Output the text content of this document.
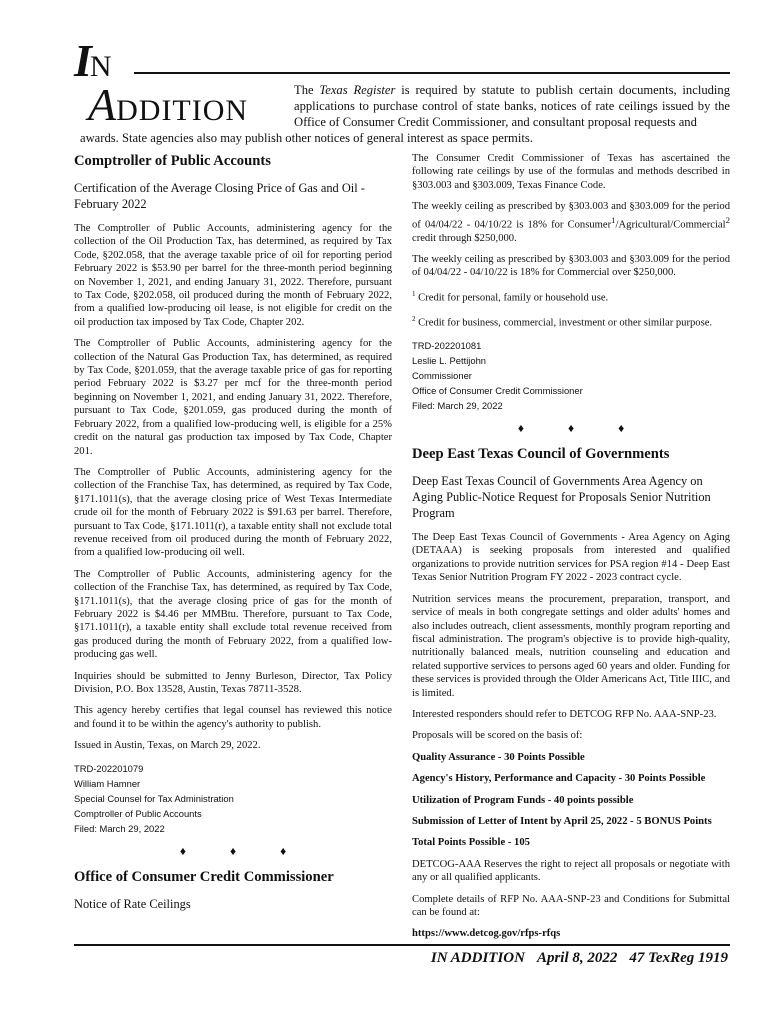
IN
ADDITION
The Texas Register is required by statute to publish certain documents, including applications to purchase control of state banks, notices of rate ceilings issued by the Office of Consumer Credit Commissioner, and consultant proposal requests and
awards. State agencies also may publish other notices of general interest as space permits.
Comptroller of Public Accounts
Certification of the Average Closing Price of Gas and Oil - February 2022

The Comptroller of Public Accounts, administering agency for the collection of the Oil Production Tax, has determined, as required by Tax Code, §202.058, that the average taxable price of oil for reporting period February 2022 is $53.90 per barrel for the three-month period beginning on November 1, 2021, and ending January 31, 2022. Therefore, pursuant to Tax Code, §202.058, oil produced during the month of February 2022, from a qualified low-producing oil lease, is not eligible for credit on the oil production tax imposed by Tax Code, Chapter 202.

The Comptroller of Public Accounts, administering agency for the collection of the Natural Gas Production Tax, has determined, as required by Tax Code, §201.059, that the average taxable price of gas for reporting period February 2022 is $3.27 per mcf for the three-month period beginning on November 1, 2021, and ending January 31, 2022. Therefore, pursuant to Tax Code, §201.059, gas produced during the month of February 2022, from a qualified low-producing well, is eligible for a 25% credit on the natural gas production tax imposed by Tax Code, Chapter 201.

The Comptroller of Public Accounts, administering agency for the collection of the Franchise Tax, has determined, as required by Tax Code, §171.1011(s), that the average closing price of West Texas Intermediate crude oil for the month of February 2022 is $91.63 per barrel. Therefore, pursuant to Tax Code, §171.1011(r), a taxable entity shall not exclude total revenue received from oil produced during the month of February 2022, from a qualified low-producing oil well.

The Comptroller of Public Accounts, administering agency for the collection of the Franchise Tax, has determined, as required by Tax Code, §171.1011(s), that the average closing price of gas for the month of February 2022 is $4.46 per MMBtu. Therefore, pursuant to Tax Code, §171.1011(r), a taxable entity shall exclude total revenue received from gas produced during the month of February 2022, from a qualified low-producing gas well.

Inquiries should be submitted to Jenny Burleson, Director, Tax Policy Division, P.O. Box 13528, Austin, Texas 78711-3528.

This agency hereby certifies that legal counsel has reviewed this notice and found it to be within the agency's authority to publish.

Issued in Austin, Texas, on March 29, 2022.

TRD-202201079
William Hamner
Special Counsel for Tax Administration
Comptroller of Public Accounts
Filed: March 29, 2022
♦	♦	♦
Office of Consumer Credit Commissioner
Notice of Rate Ceilings

The Consumer Credit Commissioner of Texas has ascertained the following rate ceilings by use of the formulas and methods described in §303.003 and §303.009, Texas Finance Code.

The weekly ceiling as prescribed by §303.003 and §303.009 for the period of 04/04/22 - 04/10/22 is 18% for Consumer$^1$/Agricultural/Commercial$^2$ credit through $250,000.

The weekly ceiling as prescribed by §303.003 and §303.009 for the period of 04/04/22 - 04/10/22 is 18% for Commercial over $250,000.

$^1$ Credit for personal, family or household use.

$^2$ Credit for business, commercial, investment or other similar purpose.

TRD-202201081
Leslie L. Pettijohn
Commissioner
Office of Consumer Credit Commissioner
Filed: March 29, 2022
♦	♦	♦
Deep East Texas Council of Governments
Deep East Texas Council of Governments Area Agency on Aging Public-Notice Request for Proposals Senior Nutrition Program

The Deep East Texas Council of Governments - Area Agency on Aging (DETAAA) is seeking proposals from interested and qualified organizations to provide nutrition services for PSA region #14 - Deep East Texas Senior Nutrition Program FY 2022 - 2023 contract cycle.

Nutrition services means the procurement, preparation, transport, and service of meals in both congregate settings and older adults' homes and also includes outreach, client assessments, monthly program reporting and fiscal administration. The program's objective is to provide high-quality, nutritionally balanced meals, nutrition counseling and education and related supportive services to persons aged 60 years and older. Funding for these services is provided through the Older Americans Act, Title IIIC, and is limited.

Interested responders should refer to DETCOG RFP No. AAA-SNP-23.

Proposals will be scored on the basis of:

Quality Assurance - 30 Points Possible

Agency's History, Performance and Capacity - 30 Points Possible

Utilization of Program Funds - 40 points possible

Submission of Letter of Intent by April 25, 2022 - 5 BONUS Points

Total Points Possible - 105

DETCOG-AAA Reserves the right to reject all proposals or negotiate with any or all qualified applicants.

Complete details of RFP No. AAA-SNP-23 and Conditions for Submittal can be found at:

https://www.detcog.gov/rfps-rfqs

IN ADDITION April 8, 2022 47 TexReg 1919
